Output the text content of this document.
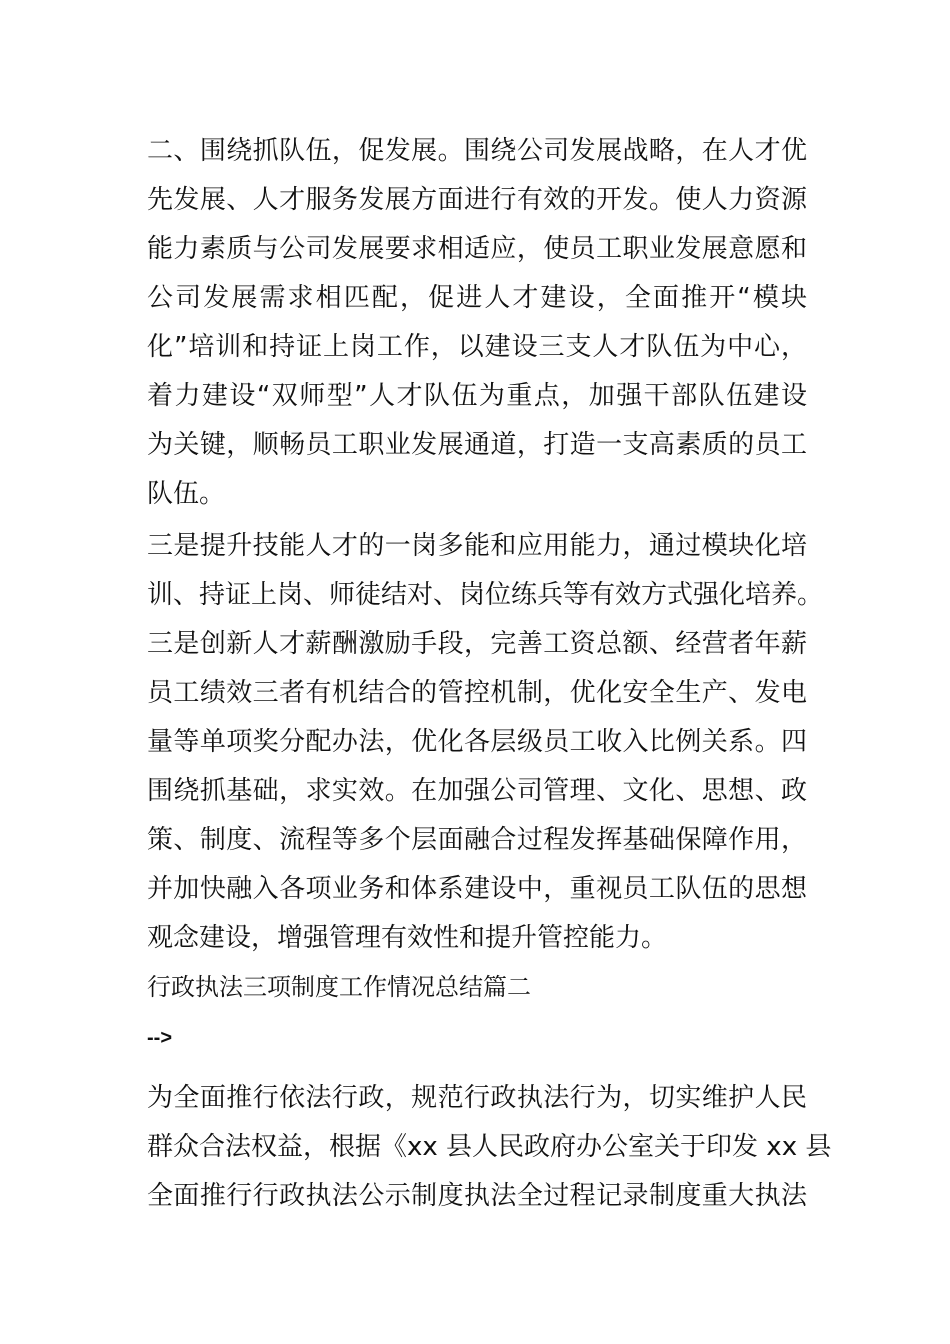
二、围绕抓队伍，促发展。围绕公司发展战略，在人才优
先发展、人才服务发展方面进行有效的开发。使人力资源
能力素质与公司发展要求相适应，使员工职业发展意愿和
公司发展需求相匹配，促进人才建设，全面推开“模块
化”培训和持证上岗工作，以建设三支人才队伍为中心，
着力建设“双师型”人才队伍为重点，加强干部队伍建设
为关键，顺畅员工职业发展通道，打造一支高素质的员工
队伍。
三是提升技能人才的一岗多能和应用能力，通过模块化培
训、持证上岗、师徒结对、岗位练兵等有效方式强化培养。
三是创新人才薪酬激励手段，完善工资总额、经营者年薪
员工绩效三者有机结合的管控机制，优化安全生产、发电
量等单项奖分配办法，优化各层级员工收入比例关系。四
围绕抓基础，求实效。在加强公司管理、文化、思想、政
策、制度、流程等多个层面融合过程发挥基础保障作用，
并加快融入各项业务和体系建设中，重视员工队伍的思想
观念建设，增强管理有效性和提升管控能力。
行政执法三项制度工作情况总结篇二
-->
为全面推行依法行政，规范行政执法行为，切实维护人民
群众合法权益，根据《xx 县人民政府办公室关于印发 xx 县
全面推行行政执法公示制度执法全过程记录制度重大执法
